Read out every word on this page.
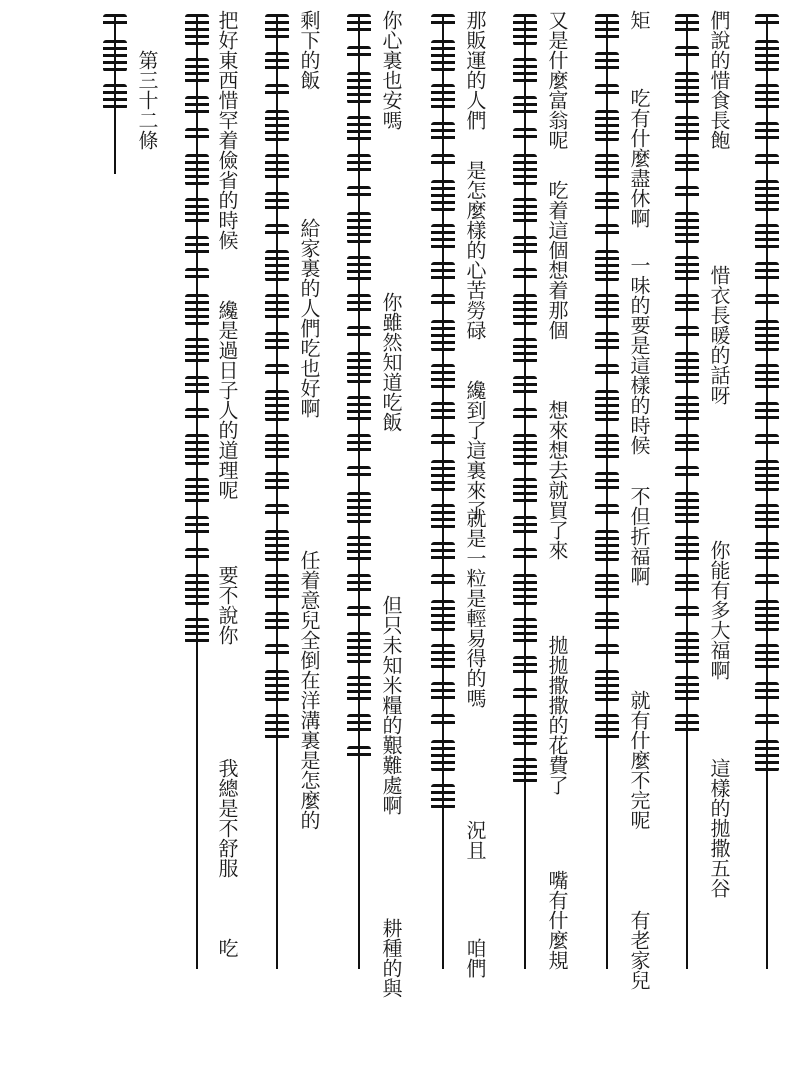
們說的惜食長飽
惜衣長暖的話呀
你能有多大福啊
這樣的拋撒五谷
矩
吃有什麼盡休啊
一味的要是這樣的時候
不但折福啊
就有什麼不完呢
有老家兒
又是什麼富翁呢
吃着這個想着那個
想來想去就買了來
拋拋撒撒的花費了
嘴有什麼規
那販運的人們
是怎麼樣的心苦勞碌
纔到了這裏來了
就是一粒是輕易得的嗎
況且
咱們
你心裏也安嗎
你雖然知道吃飯
但只未知米糧的艱難處啊
耕種的與
剩下的飯
給家裏的人們吃也好啊
任着意兒全倒在洋溝裏是怎麼的
把好東西惜罕着儉省的時候
纔是過日子人的道理呢
要不說你
我總是不舒服
吃
第三十二條
